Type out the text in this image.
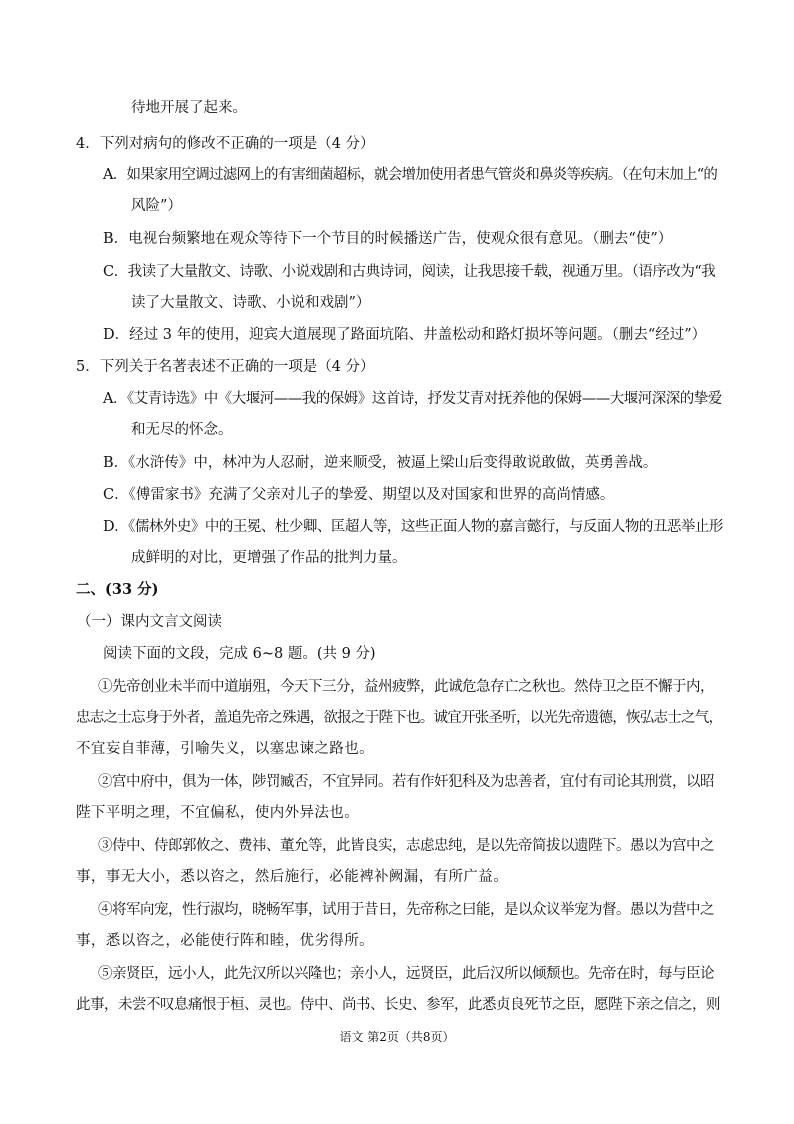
待地开展了起来。
4．下列对病句的修改不正确的一项是（4 分）
A．如果家用空调过滤网上的有害细菌超标，就会增加使用者患气管炎和鼻炎等疾病。（在句末加上“的
风险”）
B．电视台频繁地在观众等待下一个节目的时候播送广告，使观众很有意见。（删去“使”）
C．我读了大量散文、诗歌、小说戏剧和古典诗词，阅读，让我思接千载，视通万里。（语序改为“我
读了大量散文、诗歌、小说和戏剧”）
D．经过 3 年的使用，迎宾大道展现了路面坑陷、井盖松动和路灯损坏等问题。（删去“经过”）
5．下列关于名著表述不正确的一项是（4 分）
A．《艾青诗选》中《大堰河——我的保姆》这首诗，抒发艾青对抚养他的保姆——大堰河深深的挚爱
和无尽的怀念。
B．《水浒传》中，林冲为人忍耐，逆来顺受，被逼上梁山后变得敢说敢做，英勇善战。
C．《傅雷家书》充满了父亲对儿子的挚爱、期望以及对国家和世界的高尚情感。
D．《儒林外史》中的王冕、杜少卿、匡超人等，这些正面人物的嘉言懿行，与反面人物的丑恶举止形
成鲜明的对比，更增强了作品的批判力量。
二、(33 分)
（一）课内文言文阅读
阅读下面的文段，完成 6~8 题。(共 9 分)
①先帝创业未半而中道崩殂，今天下三分，益州疲弊，此诚危急存亡之秋也。然侍卫之臣不懈于内，
忠志之士忘身于外者，盖追先帝之殊遇，欲报之于陛下也。诚宜开张圣听，以光先帝遗德，恢弘志士之气，
不宜妄自菲薄，引喻失义，以塞忠谏之路也。
②宫中府中，俱为一体，陟罚臧否，不宜异同。若有作奸犯科及为忠善者，宜付有司论其刑赏，以昭
陛下平明之理，不宜偏私，使内外异法也。
③侍中、侍郎郭攸之、费祎、董允等，此皆良实，志虑忠纯，是以先帝简拔以遗陛下。愚以为宫中之
事，事无大小，悉以咨之，然后施行，必能裨补阙漏，有所广益。
④将军向宠，性行淑均，晓畅军事，试用于昔日，先帝称之曰能，是以众议举宠为督。愚以为营中之
事，悉以咨之，必能使行阵和睦，优劣得所。
⑤亲贤臣，远小人，此先汉所以兴隆也；亲小人，远贤臣，此后汉所以倾颓也。先帝在时，每与臣论
此事，未尝不叹息痛恨于桓、灵也。侍中、尚书、长史、参军，此悉贞良死节之臣，愿陛下亲之信之，则
语文 第2页（共8页）
